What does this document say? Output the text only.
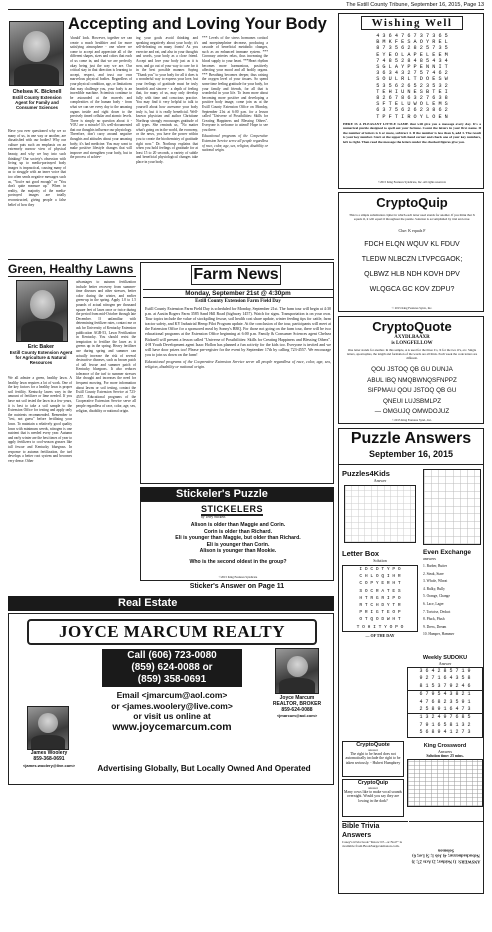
The Estill County Tribune, September 16, 2015, Page 13
Accepting and Loving Your Body
Chelsea K. Bicknell
Estill County Extension Agent for Family and Consumer Sciences
Have you ever questioned why we so many of us, in one way or another, are dissatisfied with our bodies? Why our culture puts such an emphasis on an extremely narrow view of physical beauty, and why we buy into such thinking? Our society's obsession with living up to media-portrayed body images is impractical, causing many of us to struggle with an inner voice that too often sends negative messages such as, "You're not good enough" or "You don't quite measure up." When in reality, the majority of the media-portrayed images are totally reconstructed, giving people a false belief of how they
'should' look. However, together we can create a much healthier and far more satisfying atmosphere - one where we come to accept and appreciate all of the different shapes, sizes and colors that each of us come in, and that we are perfectly okay being just the way we are. Our critical stay in that direction is learning to accept, respect, and trust our own marvelous physical bodies. Regardless of your physical condition, age, or limitations that may challenge you, your body is an incredible machine. Scientists continue to be astounded at the marvels and complexities of the human body - from what we can see every day to the amazing organs inside and right down to the precisely timed cellular and atomic levels. There is simply no question about it - YOU are a miracle! It's well-documented that our thoughts influence our physiology. Therefore, don't carry around negative thoughts and attitudes about your amazing body; it's bad medicine. You may want to make positive lifestyle changes that will improve and strengthen your body, but in the process of achiev-
ing your goals avoid thinking and speaking negatively about your body; it's self-defeating on many fronts! As you exercise and eat, and also in your thoughts and words, your body as a close friend. Accept and love your body just as it is now, and go out of your way to care for it in the best possible manner. Saying "Thank you" to your body for all it does is a wonderful way to express your love, but your feelings of gratitude must be truly heartfelt and sincere - a depth of feeling that, for many of us, may only develop fully with time and conscious practice. You may find it very helpful to talk to yourself about how awesome your body truly is, but it is really beneficial. Well-known physician and author Christiane Northrup strongly encourages gratitude of all types. She reminds us, "No matter what's going on in the world, the economy, or the news, you have the power within you to create the biochemistry of gratitude right now." Dr. Northrup explains that when you hold feelings of gratitude for at least 15 to 20 seconds, a variety of subtle and beneficial physiological changes take place in your body.
*** Levels of the stress hormones cortisol and norepinephrine decrease, producing a cascade of beneficial metabolic changes, such as an enhanced immune system. *** Coronary arteries relax, thus increasing the blood supply to your heart. ***Heart rhythm becomes more harmonious, positively affecting your mood and all bodily organs. *** Breathing becomes deeper, thus raising the oxygen level of your tissues. So spend some time feeling gratitude for your body, for your family and friends, for all that is wonderful in your life. To learn more about becoming more positive and developing a positive body image, come join us at the Estill County Extension Office on Monday, September 21st at 6:00 p.m. for a lesson called "Universe of Possibilities: Skills for Creating Happiness and Blessing Others". Everyone is welcome to attend! Hope to see you there.
Educational programs of the Cooperative Extension Service serve all people regardless of race, color, age, sex, religion, disability or national origin.
Green, Healthy Lawns
Eric Baker
Estill County Extension Agent for Agriculture & Natural Resources
We all admire a green, healthy lawn. A healthy lawn requires a lot of work. One of the key factors for a healthy lawn is proper soil fertility. Kentucky lawns vary in the amount of fertilizer or lime needed. If you have not soil tested the lawn in a few years, it is best to take a soil sample to the Extension Office for testing and apply only the nutrients recommended. Remember to "test, not guess" before fertilizing your lawn. To maintain a relatively good quality lawn with minimum weeds, nitrogen is one nutrient that is needed every year. Autumn and early winter are the best times of year to apply fertilizers to cool-season grasses like tall fescue and Kentucky bluegrass. In response to autumn fertilization, the turf develops a better root system and becomes very dense. Other
advantages to autumn fertilization include better recovery from summer-time diseases and other stresses, better color during the winter, and earlier green-up in the spring. Apply 1.0 to 1.5 pounds of actual nitrogen per thousand square feet of lawn once or twice during the period from mid-October through late December. If unfamiliar with determining fertilizer rates, contact me or ask for University of Kentucky Extension publication AGR-53, Lawn Fertilization in Kentucky. You should resist the temptation to fertilize the lawn as it greens up in the spring. Heavy fertilizer use during spring and summer can actually increase the risk of several destructive diseases, such as brown patch of tall fescue and summer patch of Kentucky bluegrass. It also reduces tolerance of the turf to summer stresses like drought and increases the need for frequent mowing. For more information about lawns or soil testing, contact the Estill County Extension Service at 723-4557. Educational programs of the Cooperative Extension Service serve all people regardless of race, color, age, sex, religion, disability or national origin.
Farm News
Monday, September 21st @ 4:30pm
Estill County Extension Farm Field Day
Estill County Extension Farm Field Day is scheduled for Monday, September 21st. The farm tour will begin at 4:30 p.m. at Austin Rogers Farm 3585 Sand Hill Road (highway 1457). Watch for signs. Transportation is on your own. Tour topics include the value of stockpiling fescue, soil health cost share update, winter feeding tips for cattle, farm tractor safety, and KY Industrial Hemp Pilot Program update. At the conclusion of the tour, participants will meet at the Extension Office for a sponsored meal by Sonny's BBQ. For those not going on the farm tour, there will be two educational programs at the Extension Office beginning at 6:00 p.m. Family & Consumer Sciences agent Chelsea Bicknell will present a lesson called "Universe of Possibilities: Skills for Creating Happiness and Blessing Others". 4-H Youth Development agent Isaac Hollon has planned a fun activity for the kids too. Everyone is invited and we will have door prizes too! Please pre-register for the event by September 17th by calling 723-4557. We encourage you to join us down on the farm!
Educational programs of the Cooperative Extension Service serve all people regardless of race, color, age, sex, religion, disability or national origin.
Stickeler's Puzzle
STICKELERS
by Terry Stickels
Alison is older than Maggie and Corin.
Corin is older than Richard.
Eli is younger than Maggie, but older than Richard.
Eli is younger than Corin.
Alison is younger than Mookie.
Who is the second oldest in the group?
©2015 King Features Syndicate
Sticker's Answer on Page 11
Real Estate
JOYCE MARCUM REALTY
Call (606) 723-0080
(859) 624-0088 or
(859) 358-0691
Email <jmarcum@aol.com>
or <james.woolery@live.com>
or visit us online at
www.joycemarcum.com
James Woolery
859-368-0691
<james.woolery@live.com>
Joyce Marcum
REALTOR, BROKER
859-624-0088
<jmarcum@aol.com>
Advertising Globally, But Locally Owned And Operated
Wishing Well
4 3 6 4 7 6 7 3 7 3 6 5
B M K F E S A O Y R E L
8 7 3 5 6 2 8 2 5 7 3 5
E Y E O L A P E L E E M
7 4 8 5 2 8 4 8 5 4 3 4
S G L A Y P P E N N I T
3 6 3 4 3 2 7 5 7 4 6 2
S O U L R L T D O E S W
5 3 5 6 2 6 5 2 3 5 3 2
T E H I U N E S B T E I
8 2 6 7 8 6 3 2 7 6 3 8
S F T E L U W O L E M S
6 3 7 5 6 2 6 2 3 8 6 2
T P F T I R O Y L O E N
HERE IS A PLEASANT LITTLE GAME that will give you a message every day. It's a numerical puzzle designed to spell out your fortune. Count the letters in your first name. If the number of letters is 6 or more, subtract 4. If the number is less than 6, add 3. The result is your key number. Start at the upper left-hand corner and check one of your key numbers, left to right. Then read the message the letters under the checked figures give you.
©2015 King Features Syndicate, Inc. All rights reserved.
CryptoQuip
This is a simple substitution cipher in which each letter used stands for another. If you think that X equals O, it will equal O throughout the puzzle. Solution is accomplished by trial and error.
Clue: K equals F
FDCH ELQN WQUV KL FDUV
TLEDW NLBCZN LTVPCGAOK;
QLBWZ HLB NDH KOVH DPV
WLQGCA GC KOV ZDPU?
© 2015 King Features Synd., Inc.
CryptoQuote
AXYDLBAAXR
is LONGFELLOW
One letter stands for another. In this sample, A is used for the three L's, X for the two O's, etc. Single letters, apostrophes, the length and formation of the words are all hints. Each week the code letters are different.
QOU JSTOQ QB GU DUNJA
ABUL IBQ NMQBWNQSFNPPZ
SIFPMAU QOU JSTOQ QB GU
QNEUI LUJSBMLPZ
— OMGUJQ OMWDOJUZ
©2015 King Features Synd., Inc.
Puzzle Answers
September 16, 2015
Puzzles4Kids
Answer
Letter Box
Solution
I D C D T Y P O
C H L O Q I H R
C O P Y E R H T
S O C R A T E S
H T R G R I P O
R T C H D Y T R
P R I G T E O P
O T Q O D W H T
T O H I T Y O P O
— OF THE DAY
Even Exchange
answers
1. Barber, Butter
2. Steak, Stare
3. Whole, Wheat
4. Bulky, Bully
5. Orange, Change
6. Lace, Lager
7. Tortoise, Deduct
8. Pluck, Plush
9. Dress, Dream
10. Hamper, Hammer
Weekly SUDOKU
Answer
3 6 4 2 8 5 7 1 9
9 2 7 1 6 4 3 5 8
8 1 5 3 7 9 2 4 6
6 7 9 5 4 3 8 2 1
4 7 6 8 2 3 5 9 1
2 5 8 9 1 6 4 7 3
1 3 2 4 9 7 6 8 5
7 9 1 6 5 8 1 3 2
5 6 8 9 4 1 2 7 3
King Crossword
Answers
Solution time: 25 mins.
CryptoQuote
answer
The right to be heard does not automatically include the right to be taken seriously. - Hubert Humphrey
CryptoQuip
answer
Many cows like to make vocal sounds overnight. Would you say they are lowing in the dark?
Bible Trivia Answers
Casey's trivia book "Know It?...or Not?" is available from BookSurge/Amazon.com.
ANSWERS: 1) Neither; 2) Acts 27; 3) Nebuchadnezzar; 4) Job 1; 5) Lot; 6) Solomon
